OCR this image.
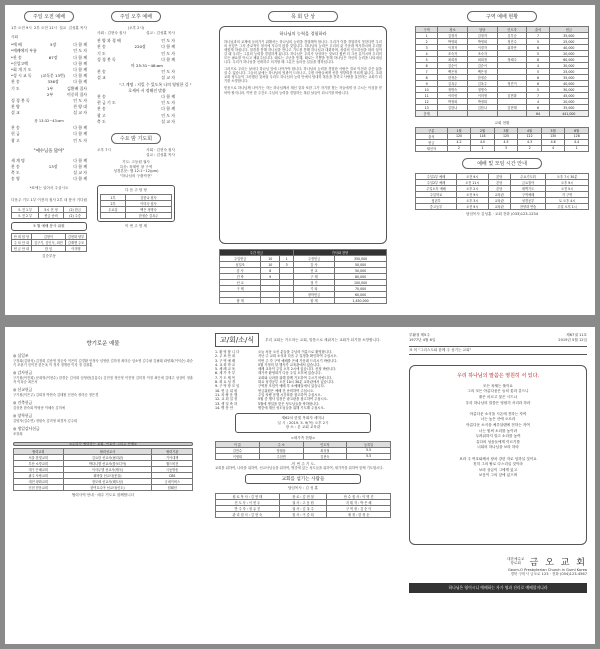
주일 오전 예배
1부 오전 9시 2부 오전 11시 설교 김성훈 목사
사회
*예 배	5장	다 함 께
*예배에의 부름	인 도 자
*찬 송	67장	다 함 께
*신앙고백	다 함 께
*회 개 기 도	다 함 께
*성 시 교 독	(교독문 13번) 다 함 께
찬 송	336장	다 함 께
기 도	1부	김환배 집사
2부	이중희 집사
성 경 봉 독	인 도 자
찬 양	찬 양 대
설 교	설 교 자
창 13:32~43:am
찬 송	다 함 께
헌 금	다 함 께
광 고	인 도 자
"예수님을 닮아"
새 계 명	다 함 께
찬 송	13장	다 함 께
축 도	설 교 자
송 영	다 함 께
*표에는 일어서 주십시오
다음주 기도 1부 이전의 집사 2부 내 봉사 기다림
오 전 1 부	5시 전 정	(2) 한금
오 전 2 부	헌금 준비	(2) 주중
5 월 예배 봉사 위원
안 내 담 당	김현이	김현화 양부
주 차 안 내	김구기, 김인식, 최민	김재엔 주모
헌 금 안 내	한 임	이미영
김순부동
주일 오후 예배
(오후 2시)
사회 : 김현숙 집사	설교 : 김성훈 목사
찬 양 과 경 배	인 도 자
찬 송	220장	다 함 께
기 도	인 도 자
성 경 봉 독	다 함 께
마 25:31~46:am
찬 송	인 도 자
설 교	설 교 자
"그 계명 : 지킬 수 있도록 나의 영원한 길 "
호세아 서 정해진 말씀
찬 송	다 함 께
현 금 기 도	인 도 자
찬 송	다 함 께
광 고	인 도 자
축 도	설 교 자
수요 밤 기도회
오후 7시	사회 · 김현숙 집사
설교 : 김성훈 목사
기도: 고동원 권사
특송: 육계빈 창 구역
성경본문: 행 12:1~12(pm)
"하나님의 구출작전"
다 음 주 담 당
1부	김한나 집사
2부	이미숙 집사
수요일	백은 정명숙
	한정순 김옥주
이 번 주 명 제
목 회 단 상
하나님의 능력을 경험하라

하나님과의 교제에 들어가기 위해서는 하나님의 능력을 경험해야 합니다. 우리가 이를 경험하지 못한다면 우리의 신앙은 그저 종교적인 형식에 지나지 않을 것입니다. 하나님의 능력은 우리의 삶 가운데 역사하시며 우리를 새롭게 하십니다. 말씀을 통해 하나님을 만나고 기도를 통해 하나님과 대화하며, 성령의 인도하심을 따라 살아갈 때 우리는 그분의 능력을 경험하게 됩니다. 하나님은 우리가 상상하는 것보다 훨씬 더 크신 분이시며 우리의 모든 필요를 아시고 채워주십니다. 때로는 고난을 통해, 때로는 기쁨을 통해 하나님은 자신의 능력을 나타내십니다. 우리가 하나님을 신뢰하고 의지할 때 그분은 놀라운 일들을 행하십니다.

그러므로 우리는 날마다 하나님 앞에 나아가야 합니다. 하나님의 능력을 경험한 사람은 결코 이전과 같은 삶을 살 수 없습니다. 그들의 삶에는 하나님의 영광이 드러나고, 주변 사람들에게 선한 영향력을 끼치게 됩니다. 초대교회 성도들이 그러했던 것처럼 우리도 하나님의 능력 안에서 담대히 복음을 전하고 사랑을 실천하는 교회가 되기를 소망합니다.

믿음으로 하나님께 나아가는 자는 하나님께서 계신 것과 또한 그가 자기를 찾는 자들에게 상 주시는 이심을 믿어야 할지니라. 이번 한 주간도 주님의 능력을 경험하는 복된 날들이 되시기를 바랍니다.

주간 헌금			가사와 찬양	
주일헌금	10	1	주정헌금	350,000
십일조	10	3	감 사	50,000
감 사	8		선 교	50,000
건 축	9		구 제	80,000
선 교			절 기	100,000
구 제			기 타	70,000
			장학헌금	60,000
합 계			합 계	1,450,000
구역 예배 현황
구역	장소	담당	인도자	출석	헌금
1	김정자	김정자	김부순	7	35,000
2	박영희	박영희	정진수	5	25,000
3	이경자	이경자	위하안	6	40,000
4	조숙자	조숙자		5	20,000
5	최희정	최희정	정혜주	8	60,000
6	김순이	김순이		4	30,000
7	백은정	백은정		5	25,000
8	한정순	한정순		6	35,000
9	김옥주	김옥주	정진이	6	40,000
10	정명숙	정명숙		5	30,000
11	이미영	이미영	김현화	7	45,000
12	박정희	박정희		4	20,000
13	김한나	김한나	김현태	6	35,000
총계				64	441,000
교회 현황
구분	1월	2월	3월	4월	5월	6월
출석	120	118	125	122	130	128
헌금	4.2	4.0	4.5	4.3	4.6	4.4
새신자	2	1	3	2	4	1
예배 및 모임 시간 안내
주일1부 예배	오전 9시	본당	수요기도회	오후 7시 30분
주일2부 예배	오전 11시	본당	금요철야	오후 9시
주일오후 예배	오후 2시	본당	새벽기도	오전 5시
주일학교	오전 9시	교육관	구역예배	각 구역
청년부	오후 3시	교육관	성경공부	토 오후 4시
중고등부	오전 9시	교육관	찬양대 연습	주일 오후 1시
담임목사 김성훈 · 교회 전화 (033)123-1234
향기로운 예물
◎ 십일조
구정희(김형석) 김정희 김준영 정순자 이은미 김경환 안정숙 임영란 김하정 최미순 임소영 김주필 김필래 곽양희(이익순) 곽순기 조춘기 신이진 한은옥 이 정자 정명란 이자 정 김광훈
◎ 감사헌금
구기원(이진희) 문희영(이현수) 한경순 김석희 임영란(김흥수) 김민정 정인영 이진영 김미정 이정 최인애 김태주 심상미 정춘자 이옥순 최은서
◎ 선교헌금
구기원(이은주) 김희정 박현숙 김태원 신현숙 장미순 정은경
◎ 건축헌금
김상현 한숙희 박형준 이혜숙 김미애
◎ 장학헌금
김영자(김수연) 정원숙 김미영 최경자 김주희
◎ 생일감사헌금
조창희
<우리가 협력하는 교회, 선교사 그리고 단체>
협력교회	협력선교사	협력기관
서울 한빛교회	김요한 선교사(필리핀)	기아대책
부산 소망교회	박다니엘 선교사(캄보디아)	월드비전
대구 은혜교회	이사무엘 선교사(태국)	극동방송
광주 사랑교회	최바울 선교사(몽골)	CBS
대전 평화교회	정모세 선교사(베트남)	굿네이버스
인천 믿음교회	한여호수아 선교사(인도)	컴패션
협력사역 안내 · 매주 기도로 함께합니다
교/회/소/식	우리 교회는 기도하는 교회, 말씀으로 세워지는 교회가 되기를 소망합니다.
1. 환 영 합 니 다	오늘 처음 오신 분들을 주님의 이름으로 환영합니다.
2. 주 보 안 내	지난 주 교회 소식과 다음 주 일정을 확인하여 주십시오.
3. 구 역 예 배	이번 주 각 구역 예배를 은혜 가운데 드리시기 바랍니다.
4. 교 회 학 교	5월 가정의 달 행사가 교육관에서 있습니다.
5. 세 례 교 육	세례 교육이 주일 오후 2시에 있습니다. 신청 바랍니다.
6. 새 가 족 부	새가족 환영회가 다음 주일 오후에 있습니다.
7. 기 도 제 목	교회와 나라를 위해 함께 기도하여 주시기 바랍니다.
8. 화 요 성 경	화요 성경공부 오전 10시 30분 교육관에서 있습니다.
9. 구 역 장 모 임	구역장 모임이 예배 후 소예배실에서 있습니다.
10. 헌 금 위 원	헌금위원은 예배 전 준비하여 주십시오.
11. 차 량 운 행	주일 차량 운행 시간표를 참고하여 주십시오.
12. 교 회 일 정	5월 중 행사 일정은 광고판을 참고하여 주십시오.
13. 생 일 축 하	5월에 생일을 맞은 성도님들을 축하합니다.
14. 병 문 안	병중에 계신 성도님들을 위해 기도해 주십시오.
제62차 한빛 목회자 세미나
일 시 : 2019. 5. 9(목) 오후 2시
장 소 : 본 교회 교육관
<새가족 현황>
이 름	주 소	인도자	등록일
김민수	영월읍	최상철	5.5
이영희	주천면	김현숙	5.5
-이 번 주 기 도-

교회를 위하여, 나라를 위하여, 선교사님들을 위하여, 병중에 있는 성도들을 위하여, 새가족을 위하여 함께 기도합시다.

교회를 섬기는 사람들
담임목사 : 김 성 훈
원 로 목 사 : 김 현 태	장 로 : 김 현 철	안 수 집 사 : 이 명 진
전 도 사 : 이 현 우	권 사 : 고 동 원	지 휘 자 : 박 은 혜
반 주 자 : 정 유 진	권 사 : 김 옥 주	구 역 장 : 김 순 이
관 리 집 사 : 김 현 숙	집 사 : 이 중 희	재 정 : 한 정 순
부활절 제5주	제67권 11호
1977년 4월 6일	2019년 5월 12일
표 어 "그리스도와 함께 주 섬기는 교회"
우리 하나님의 말씀은 영원히 서 있다.
모든 육체는 풀이요
그의 모든 아름다움은 들의 꽃과 같으니
풀은 마르고 꽃은 시드나
우리 하나님의 말씀은 영원히 서리라 하라

아름다운 소식을 시온에 전하는 자여
너는 높은 산에 오르라
아름다운 소식을 예루살렘에 전하는 자여
너는 힘써 소리를 높이라
두려워하지 말고 소리를 높여
유다의 성읍들에게 이르기를
너희의 하나님을 보라 하라

보라 주 여호와께서 장차 강한 자로 임하실 것이요
친히 그의 팔로 다스리실 것이라
보라 상급이 그에게 있고
보응이 그의 앞에 있으며
대한예수교 장로회 금 오 교 회
Geum-O Presbyterian Church in Gumi Korea
경북 구미시 금오로 123 · 전화 (054)123-4567
하나님은 영이시니 예배하는 자가 영과 진리로 예배할지니라
